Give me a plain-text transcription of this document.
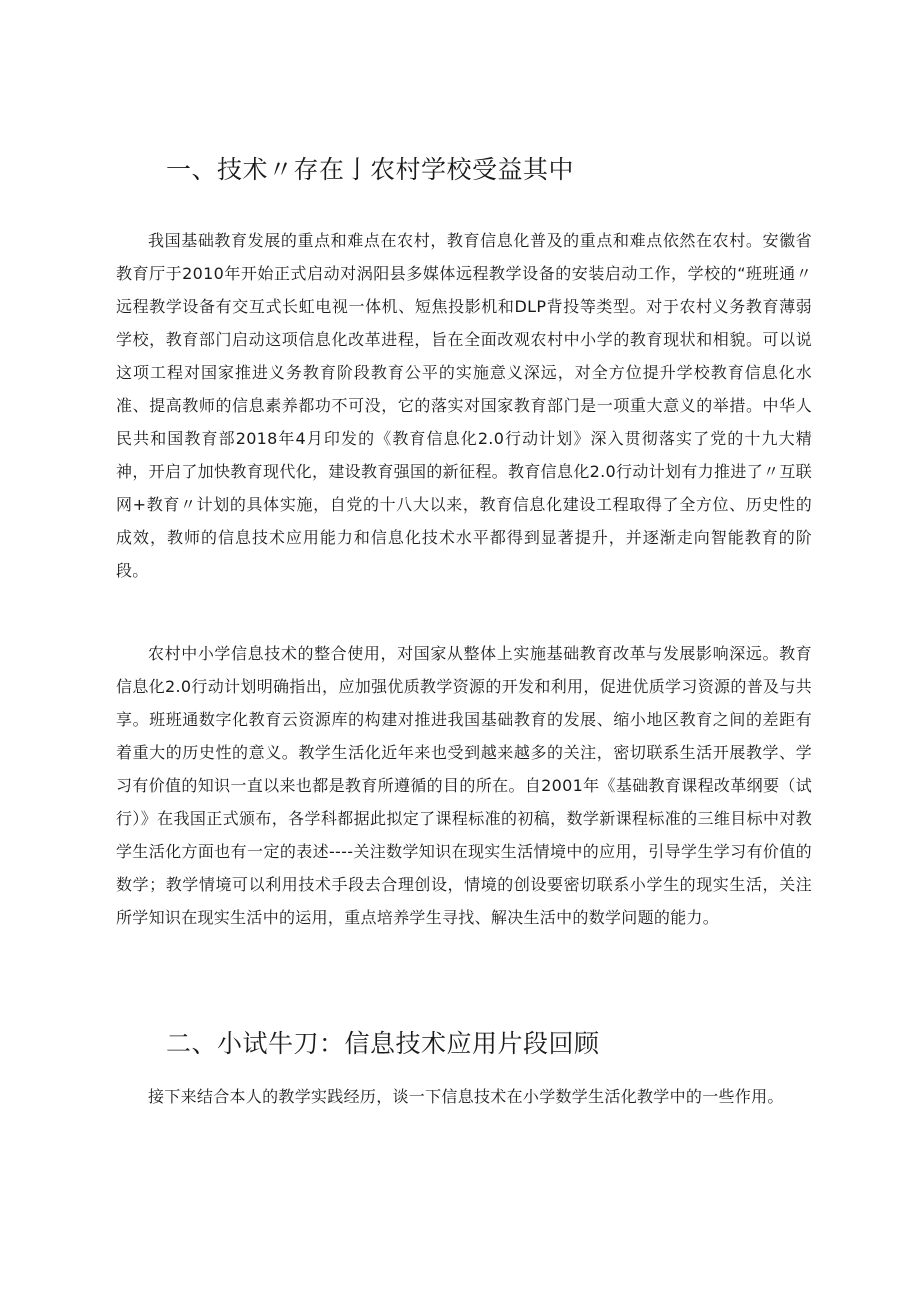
一、技术〃存在亅农村学校受益其中

我国基础教育发展的重点和难点在农村，教育信息化普及的重点和难点依然在农村。安徽省教育厅于2010年开始正式启动对涡阳县多媒体远程教学设备的安装启动工作，学校的“班班通〃远程教学设备有交互式长虹电视一体机、短焦投影机和DLP背投等类型。对于农村义务教育薄弱学校，教育部门启动这项信息化改革进程，旨在全面改观农村中小学的教育现状和相貌。可以说这项工程对国家推进义务教育阶段教育公平的实施意义深远，对全方位提升学校教育信息化水准、提高教师的信息素养都功不可没，它的落实对国家教育部门是一项重大意义的举措。中华人民共和国教育部2018年4月印发的《教育信息化2.0行动计划》深入贯彻落实了党的十九大精神，开启了加快教育现代化，建设教育强国的新征程。教育信息化2.0行动计划有力推进了〃互联网+教育〃计划的具体实施，自党的十八大以来，教育信息化建设工程取得了全方位、历史性的成效，教师的信息技术应用能力和信息化技术水平都得到显著提升，并逐渐走向智能教育的阶段。

农村中小学信息技术的整合使用，对国家从整体上实施基础教育改革与发展影响深远。教育信息化2.0行动计划明确指出，应加强优质教学资源的开发和利用，促进优质学习资源的普及与共享。班班通数字化教育云资源库的构建对推进我国基础教育的发展、缩小地区教育之间的差距有着重大的历史性的意义。教学生活化近年来也受到越来越多的关注，密切联系生活开展教学、学习有价值的知识一直以来也都是教育所遵循的目的所在。自2001年《基础教育课程改革纲要（试行）》在我国正式颁布，各学科都据此拟定了课程标准的初稿，数学新课程标准的三维目标中对教学生活化方面也有一定的表述----关注数学知识在现实生活情境中的应用，引导学生学习有价值的数学；教学情境可以利用技术手段去合理创设，情境的创设要密切联系小学生的现实生活，关注所学知识在现实生活中的运用，重点培养学生寻找、解决生活中的数学问题的能力。

二、小试牛刀：信息技术应用片段回顾

接下来结合本人的教学实践经历，谈一下信息技术在小学数学生活化教学中的一些作用。
